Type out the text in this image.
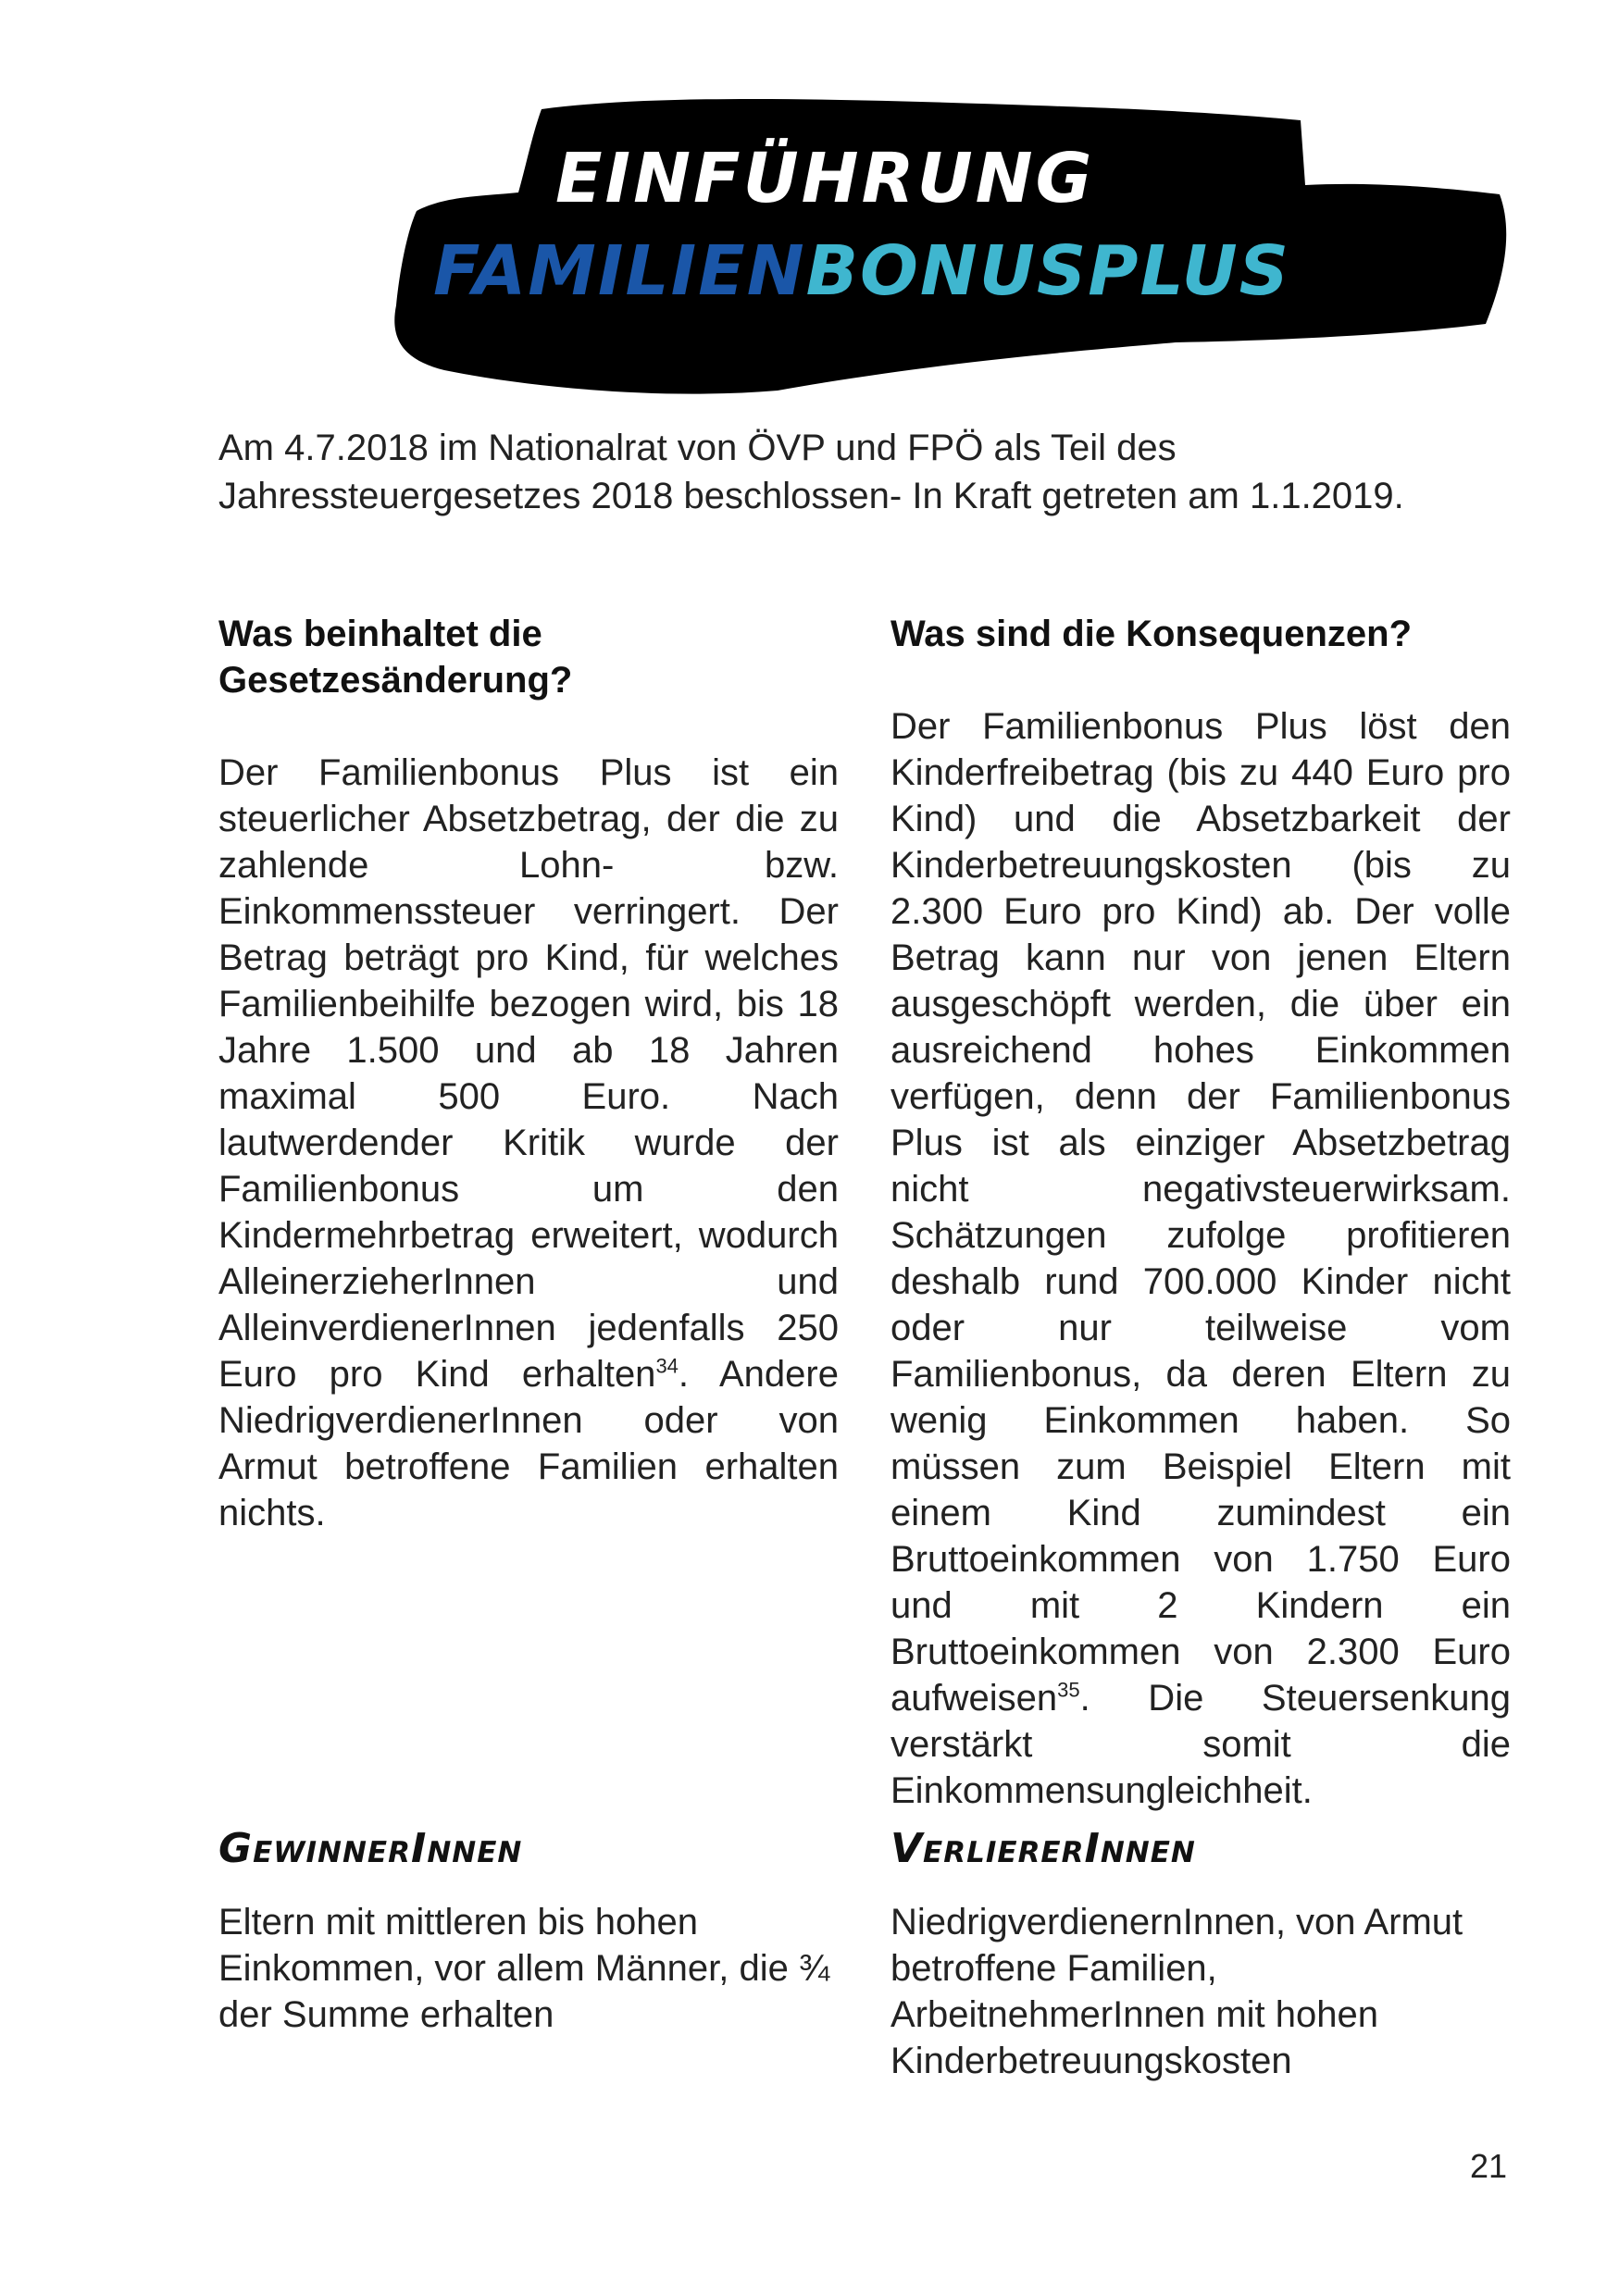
EINFÜHRUNG
FAMILIENBONUSPLUS
Am 4.7.2018 im Nationalrat von ÖVP und FPÖ als Teil des Jahressteuergesetzes 2018 beschlossen- In Kraft getreten am 1.1.2019.
Was beinhaltet die Gesetzesänderung?

Der Familienbonus Plus ist ein steuerlicher Absetzbetrag, der die zu zahlende Lohn- bzw. Einkommenssteuer verringert. Der Betrag beträgt pro Kind, für welches Familienbeihilfe bezogen wird, bis 18 Jahre 1.500 und ab 18 Jahren maximal 500 Euro. Nach lautwerdender Kritik wurde der Familienbonus um den Kindermehrbetrag erweitert, wodurch AlleinerzieherInnen und AlleinverdienerInnen jedenfalls 250 Euro pro Kind erhalten$^{34}$. Andere NiedrigverdienerInnen oder von Armut betroffene Familien erhalten nichts.

Was sind die Konsequenzen?

Der Familienbonus Plus löst den Kinderfreibetrag (bis zu 440 Euro pro Kind) und die Absetzbarkeit der Kinderbetreuungskosten (bis zu 2.300 Euro pro Kind) ab. Der volle Betrag kann nur von jenen Eltern ausgeschöpft werden, die über ein ausreichend hohes Einkommen verfügen, denn der Familienbonus Plus ist als einziger Absetzbetrag nicht negativsteuerwirksam. Schätzungen zufolge profitieren deshalb rund 700.000 Kinder nicht oder nur teilweise vom Familienbonus, da deren Eltern zu wenig Einkommen haben. So müssen zum Beispiel Eltern mit einem Kind zumindest ein Bruttoeinkommen von 1.750 Euro und mit 2 Kindern ein Bruttoeinkommen von 2.300 Euro aufweisen$^{35}$. Die Steuersenkung verstärkt somit die Einkommensungleichheit.

GewinnerInnen
Eltern mit mittleren bis hohen Einkommen, vor allem Männer, die ¾ der Summe erhalten
VerliererInnen
NiedrigverdienernInnen, von Armut betroffene Familien, ArbeitnehmerInnen mit hohen Kinderbetreuungskosten
21
